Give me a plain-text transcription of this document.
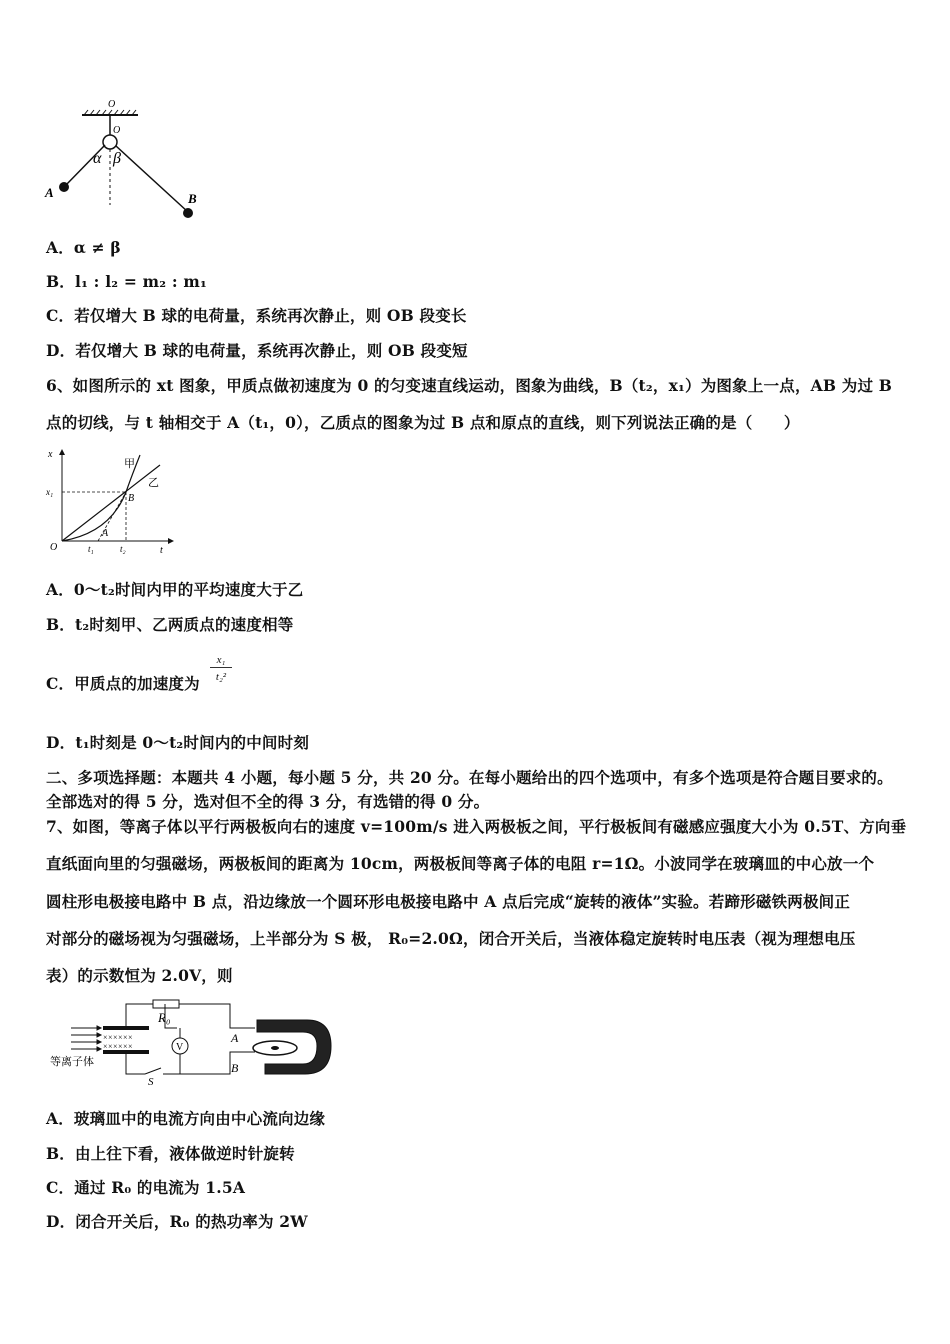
O
O
α β
A	B
A．α ≠ β
B．l₁ : l₂ = m₂ : m₁
C．若仅增大 B 球的电荷量，系统再次静止，则 OB 段变长
D．若仅增大 B 球的电荷量，系统再次静止，则 OB 段变短
6、如图所示的 xt 图象，甲质点做初速度为 0 的匀变速直线运动，图象为曲线，B（t₂，x₁）为图象上一点，AB 为过 B
点的切线，与 t 轴相交于 A（t₁，0），乙质点的图象为过 B 点和原点的直线，则下列说法正确的是（　　）
x
t
O
x₁
t₁	t₂
A
B
甲
乙
A．0～t₂时间内甲的平均速度大于乙
B．t₂时刻甲、乙两质点的速度相等
C．甲质点的加速度为 $\frac{\text{x₁}}{\text{t₂²}}$
D．t₁时刻是 0～t₂时间内的中间时刻
二、多项选择题：本题共 4 小题，每小题 5 分，共 20 分。在每小题给出的四个选项中，有多个选项是符合题目要求的。
全部选对的得 5 分，选对但不全的得 3 分，有选错的得 0 分。
7、如图，等离子体以平行两极板向右的速度 v=100m/s 进入两极板之间，平行极板间有磁感应强度大小为 0.5T、方向垂
直纸面向里的匀强磁场，两极板间的距离为 10cm，两极板间等离子体的电阻 r=1Ω。小波同学在玻璃皿的中心放一个
圆柱形电极接电路中 B 点，沿边缘放一个圆环形电极接电路中 A 点后完成“旋转的液体”实验。若蹄形磁铁两极间正
对部分的磁场视为匀强磁场，上半部分为 S 极， R₀=2.0Ω，闭合开关后，当液体稳定旋转时电压表（视为理想电压
表）的示数恒为 2.0V，则
等离子体
××××××
××××××
R₀
S
V
A
B
A．玻璃皿中的电流方向由中心流向边缘
B．由上往下看，液体做逆时针旋转
C．通过 R₀ 的电流为 1.5A
D．闭合开关后，R₀ 的热功率为 2W
